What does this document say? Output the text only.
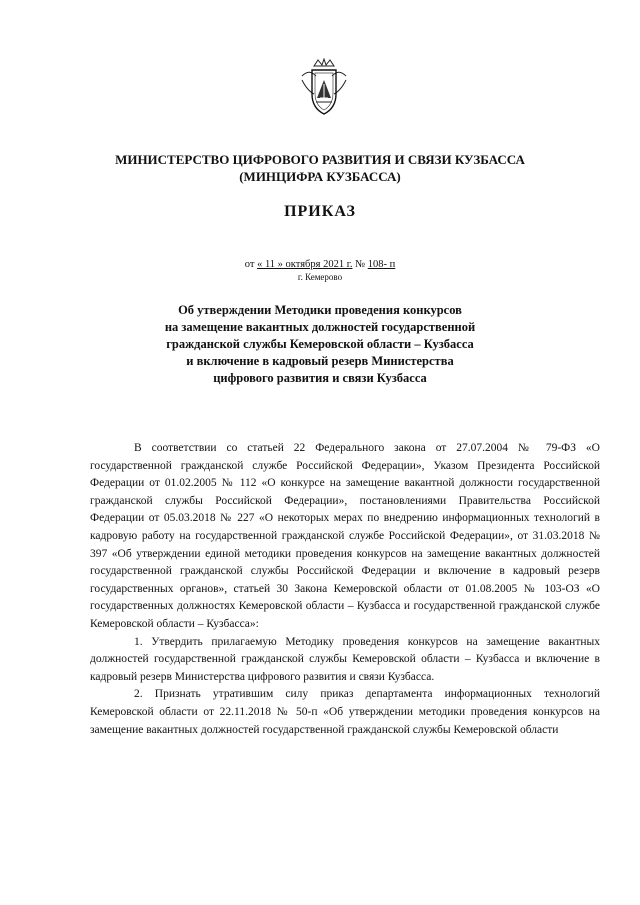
МИНИСТЕРСТВО ЦИФРОВОГО РАЗВИТИЯ И СВЯЗИ КУЗБАССА
(МИНЦИФРА КУЗБАССА)
ПРИКАЗ
от « 11 » октября 2021 г. № 108- п
г. Кемерово
Об утверждении Методики проведения конкурсов
на замещение вакантных должностей государственной
гражданской службы Кемеровской области – Кузбасса
и включение в кадровый резерв Министерства
цифрового развития и связи Кузбасса

В соответствии со статьей 22 Федерального закона от 27.07.2004 № 79-ФЗ «О государственной гражданской службе Российской Федерации», Указом Президента Российской Федерации от 01.02.2005 № 112 «О конкурсе на замещение вакантной должности государственной гражданской службы Российской Федерации», постановлениями Правительства Российской Федерации от 05.03.2018 № 227 «О некоторых мерах по внедрению информационных технологий в кадровую работу на государственной гражданской службе Российской Федерации», от 31.03.2018 № 397 «Об утверждении единой методики проведения конкурсов на замещение вакантных должностей государственной гражданской службы Российской Федерации и включение в кадровый резерв государственных органов», статьей 30 Закона Кемеровской области от 01.08.2005 № 103-ОЗ «О государственных должностях Кемеровской области – Кузбасса и государственной гражданской службе Кемеровской области – Кузбасса»:

1. Утвердить прилагаемую Методику проведения конкурсов на замещение вакантных должностей государственной гражданской службы Кемеровской области – Кузбасса и включение в кадровый резерв Министерства цифрового развития и связи Кузбасса.

2. Признать утратившим силу приказ департамента информационных технологий Кемеровской области от 22.11.2018 № 50-п «Об утверждении методики проведения конкурсов на замещение вакантных должностей государственной гражданской службы Кемеровской области
